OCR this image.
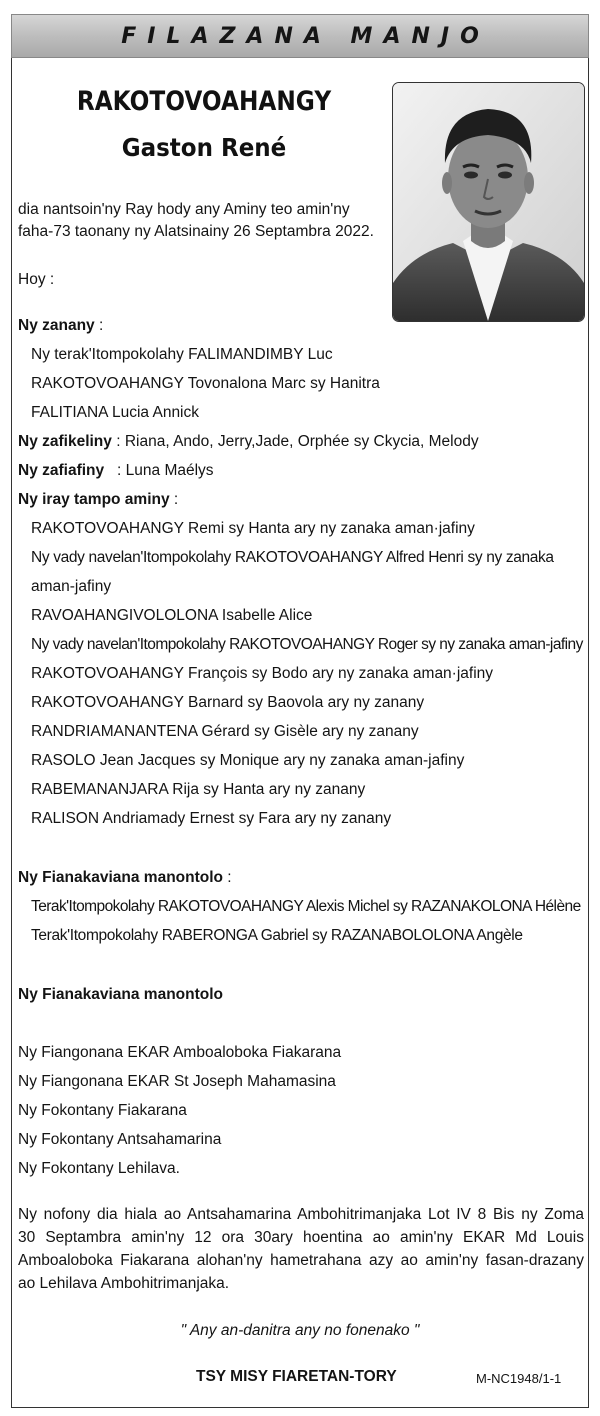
FILAZANA MANJO
RAKOTOVOAHANGY
Gaston René
dia nantsoin'ny Ray hody any Aminy teo amin'ny
faha-73 taonany ny Alatsinainy 26 Septambra 2022.
Hoy :
Ny zanany :
Ny terak'Itompokolahy FALIMANDIMBY Luc
RAKOTOVOAHANGY Tovonalona Marc sy Hanitra
FALITIANA Lucia Annick
Ny zafikeliny : Riana, Ando, Jerry,Jade, Orphée sy Ckycia, Melody
Ny zafiafiny   : Luna Maélys
Ny iray tampo aminy :
RAKOTOVOAHANGY Remi sy Hanta ary ny zanaka aman·jafiny
Ny vady navelan'Itompokolahy RAKOTOVOAHANGY Alfred Henri sy ny zanaka
aman-jafiny
RAVOAHANGIVOLOLONA Isabelle Alice
Ny vady navelan'Itompokolahy RAKOTOVOAHANGY Roger sy ny zanaka aman-jafiny
RAKOTOVOAHANGY François sy Bodo ary ny zanaka aman·jafiny
RAKOTOVOAHANGY Barnard sy Baovola ary ny zanany
RANDRIAMANANTENA Gérard sy Gisèle ary ny zanany
RASOLO Jean Jacques sy Monique ary ny zanaka aman-jafiny
RABEMANANJARA Rija sy Hanta ary ny zanany
RALISON Andriamady Ernest sy Fara ary ny zanany
Ny Fianakaviana manontolo :
Terak'Itompokolahy RAKOTOVOAHANGY Alexis Michel sy RAZANAKOLONA Hélène
Terak'Itompokolahy RABERONGA Gabriel sy RAZANABOLOLONA Angèle
Ny Fianakaviana manontolo
Ny Fiangonana EKAR Amboaloboka Fiakarana
Ny Fiangonana EKAR St Joseph Mahamasina
Ny Fokontany Fiakarana
Ny Fokontany Antsahamarina
Ny Fokontany Lehilava.
Ny nofony dia hiala ao Antsahamarina Ambohitrimanjaka Lot IV 8 Bis ny Zoma
30 Septambra amin'ny 12 ora 30ary hoentina ao amin'ny EKAR Md Louis
Amboaloboka Fiakarana alohan'ny hametrahana azy ao amin'ny fasan-drazany
ao Lehilava Ambohitrimanjaka.
" Any an-danitra any no fonenako "
TSY MISY FIARETAN-TORY	M-NC1948/1-1
